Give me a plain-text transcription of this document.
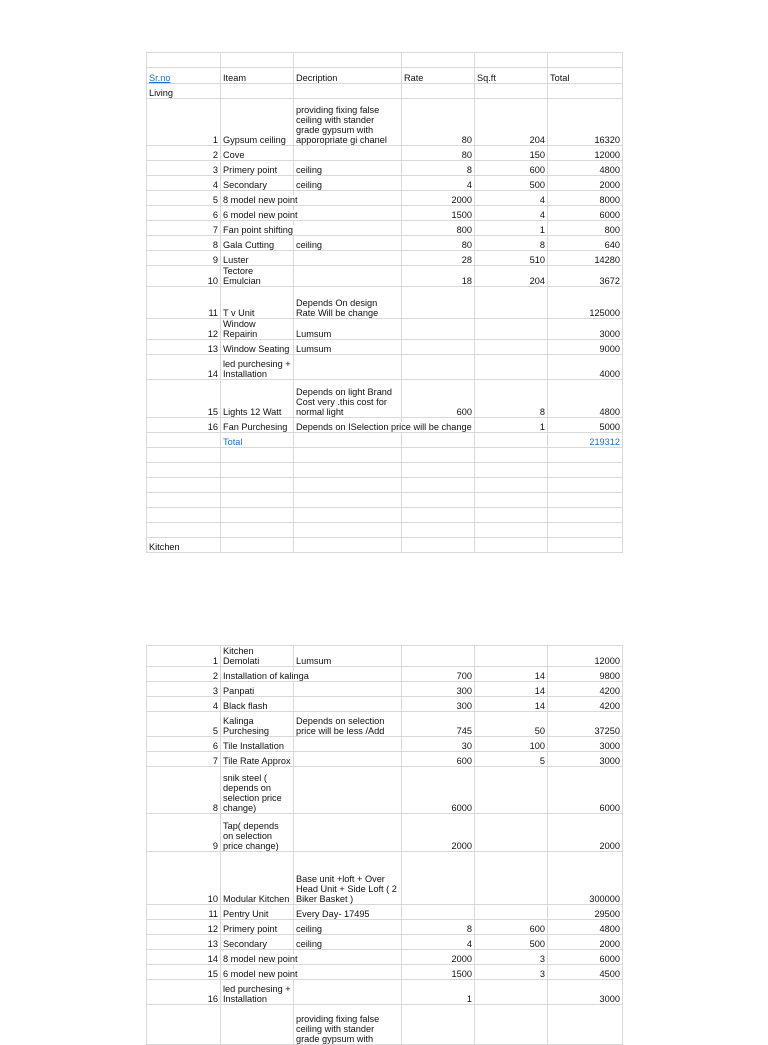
Sr.no	Iteam	Decription	Rate	Sq.ft	Total
Living					
1	Gypsum ceiling	providing fixing false ceiling with stander grade gypsum with apporopriate gi chanel	80	204	16320
2	Cove		80	150	12000
3	Primery point	ceiling	8	600	4800
4	Secondary	ceiling	4	500	2000
5	8 model new point		2000	4	8000
6	6 model new point		1500	4	6000
7	Fan point shifting		800	1	800
8	Gala Cutting	ceiling	80	8	640
9	Luster		28	510	14280
10	Tectore Emulcian		18	204	3672
11	T v Unit	Depends On design Rate Will be change			125000
12	Window Repairin	Lumsum			3000
13	Window Seating	Lumsum			9000
14	led purchesing + Installation				4000
15	Lights 12 Watt	Depends on light Brand Cost very .this cost for normal light	600	8	4800
16	Fan Purchesing	Depends on ISelection price will be change		1	5000
	Total				219312

Kitchen					
1	Kitchen Demolati	Lumsum			12000
2	Installation of kalinga		700	14	9800
3	Panpati		300	14	4200
4	Black flash		300	14	4200
5	Kalinga Purchesing	Depends on selection price will be less /Add	745	50	37250
6	Tile Installation		30	100	3000
7	Tile Rate Approx		600	5	3000
8	snik steel ( depends on selection price change)		6000		6000
9	Tap( depends on selection price change)		2000		2000
10	Modular Kitchen	Base unit +loft + Over Head Unit + Side Loft ( 2 Biker Basket )			300000
11	Pentry Unit	Every Day- 17495			29500
12	Primery point	ceiling	8	600	4800
13	Secondary	ceiling	4	500	2000
14	8 model new point		2000	3	6000
15	6 model new point		1500	3	4500
16	led purchesing + Installation		1		3000
		providing fixing false ceiling with stander grade gypsum with			
